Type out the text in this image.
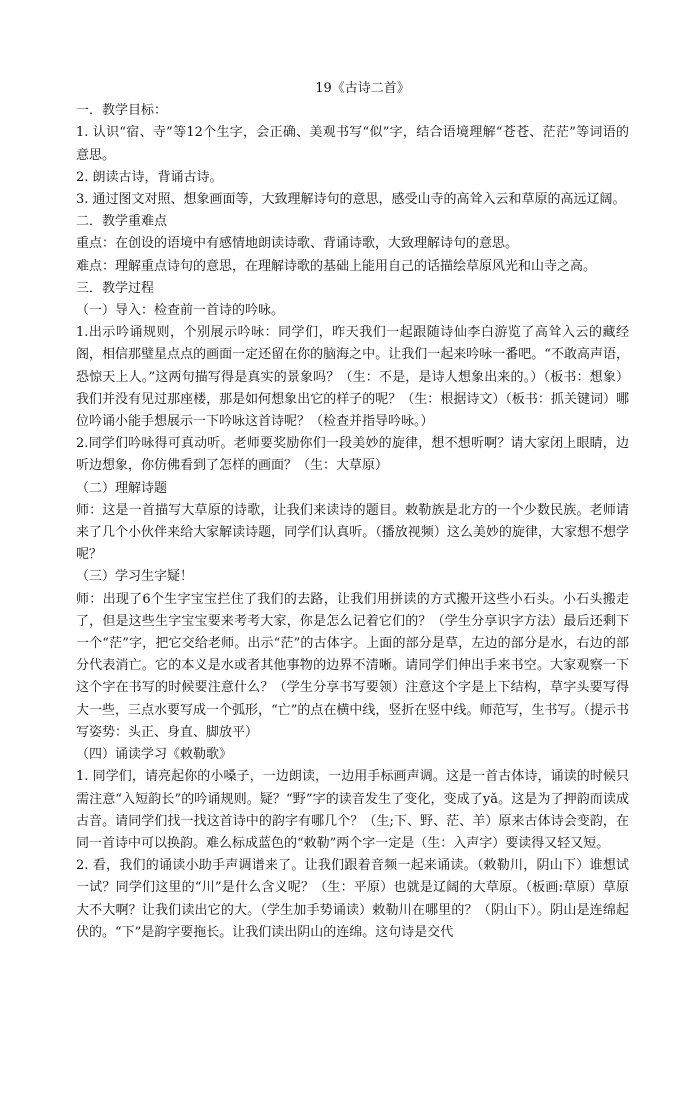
19《古诗二首》

一．教学目标：

1. 认识“宿、寺”等12个生字，会正确、美观书写“似”字，结合语境理解“苍苍、茫茫”等词语的意思。

2. 朗读古诗，背诵古诗。

3. 通过图文对照、想象画面等，大致理解诗句的意思，感受山寺的高耸入云和草原的高远辽阔。

二．教学重难点

重点：在创设的语境中有感情地朗读诗歌、背诵诗歌，大致理解诗句的意思。

难点：理解重点诗句的意思，在理解诗歌的基础上能用自己的话描绘草原风光和山寺之高。

三．教学过程

（一）导入：检查前一首诗的吟咏。

1.出示吟诵规则，个别展示吟咏：同学们，昨天我们一起跟随诗仙李白游览了高耸入云的藏经阁，相信那璧星点点的画面一定还留在你的脑海之中。让我们一起来吟咏一番吧。“不敢高声语，恐惊天上人。”这两句描写得是真实的景象吗？（生：不是，是诗人想象出来的。）（板书：想象）我们并没有见过那座楼，那是如何想象出它的样子的呢？（生：根据诗文）（板书：抓关键词）哪位吟诵小能手想展示一下吟咏这首诗呢？（检查并指导吟咏。）

2.同学们吟咏得可真动听。老师要奖励你们一段美妙的旋律，想不想听啊？请大家闭上眼睛，边听边想象，你仿佛看到了怎样的画面？（生：大草原）

（二）理解诗题

师：这是一首描写大草原的诗歌，让我们来读诗的题目。敕勒族是北方的一个少数民族。老师请来了几个小伙伴来给大家解读诗题，同学们认真听。（播放视频）这么美妙的旋律，大家想不想学呢？

（三）学习生字疑！

师：出现了6个生字宝宝拦住了我们的去路，让我们用拼读的方式搬开这些小石头。小石头搬走了，但是这些生字宝宝要来考考大家，你是怎么记着它们的？（学生分享识字方法）最后还剩下一个“茫”字，把它交给老师。出示“茫”的古体字。上面的部分是草，左边的部分是水，右边的部分代表消亡。它的本义是水或者其他事物的边界不清晰。请同学们伸出手来书空。大家观察一下这个字在书写的时候要注意什么？（学生分享书写要领）注意这个字是上下结构，草字头要写得大一些，三点水要写成一个弧形，“亡”的点在横中线，竖折在竖中线。师范写，生书写。（提示书写姿势：头正、身直、脚放平）

（四）诵读学习《敕勒歌》

1. 同学们，请亮起你的小嗓子，一边朗读，一边用手标画声调。这是一首古体诗，诵读的时候只需注意“入短韵长”的吟诵规则。疑？“野”字的读音发生了变化，变成了yǎ。这是为了押韵而读成古音。请同学们找一找这首诗中的韵字有哪几个？（生;下、野、茫、羊）原来古体诗会变韵，在同一首诗中可以换韵。难么标成蓝色的“敕勒”两个字一定是（生：入声字）要读得又轻又短。

2. 看，我们的诵读小助手声调谱来了。让我们跟着音频一起来诵读。（敕勒川，阴山下）谁想试一试？同学们这里的“川”是什么含义呢？（生：平原）也就是辽阔的大草原。（板画:草原）草原大不大啊？让我们读出它的大。（学生加手势诵读）敕勒川在哪里的？（阴山下）。阴山是连绵起伏的。“下”是韵字要拖长。让我们读出阴山的连绵。这句诗是交代
